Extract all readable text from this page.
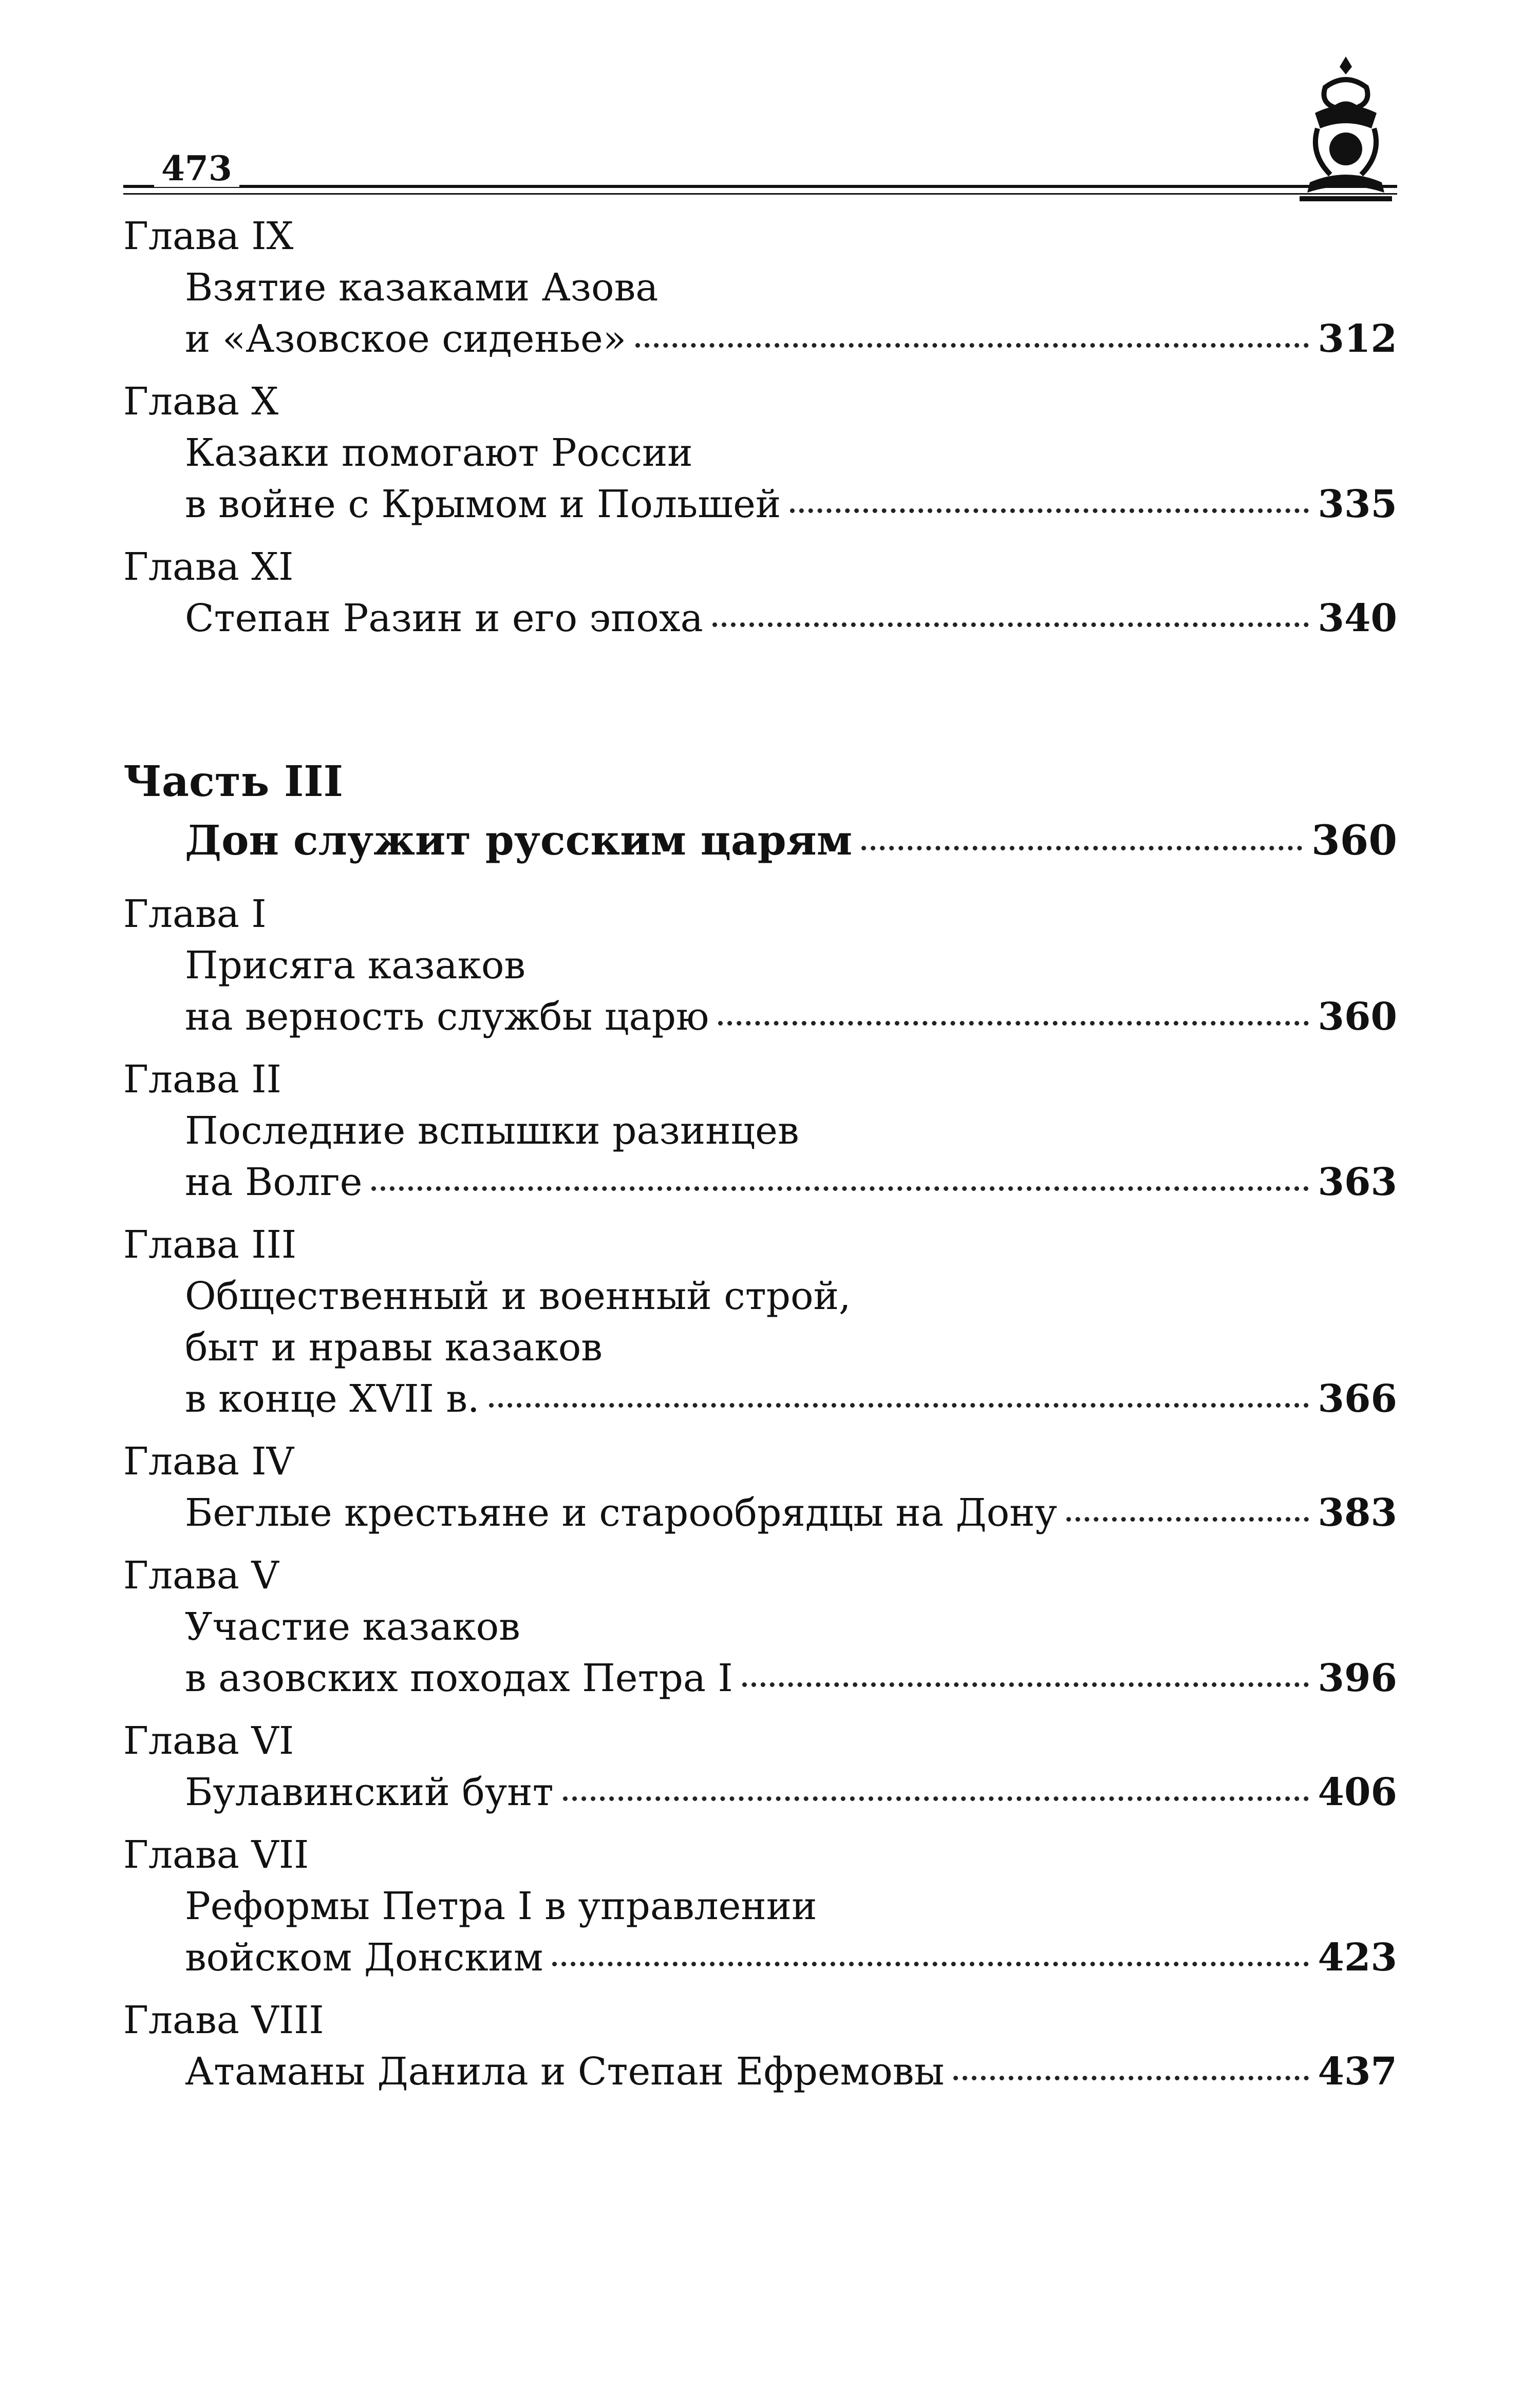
473
Глава IX
Взятие казаками Азова
и «Азовское сиденье»	312
Глава X
Казаки помогают России
в войне с Крымом и Польшей	335
Глава XI
Степан Разин и его эпоха	340
Часть III
Дон служит русским царям	360
Глава I
Присяга казаков
на верность службы царю	360
Глава II
Последние вспышки разинцев
на Волге	363
Глава III
Общественный и военный строй,
быт и нравы казаков
в конце XVII в.	366
Глава IV
Беглые крестьяне и старообрядцы на Дону	383
Глава V
Участие казаков
в азовских походах Петра I	396
Глава VI
Булавинский бунт	406
Глава VII
Реформы Петра I в управлении
войском Донским	423
Глава VIII
Атаманы Данила и Степан Ефремовы	437
